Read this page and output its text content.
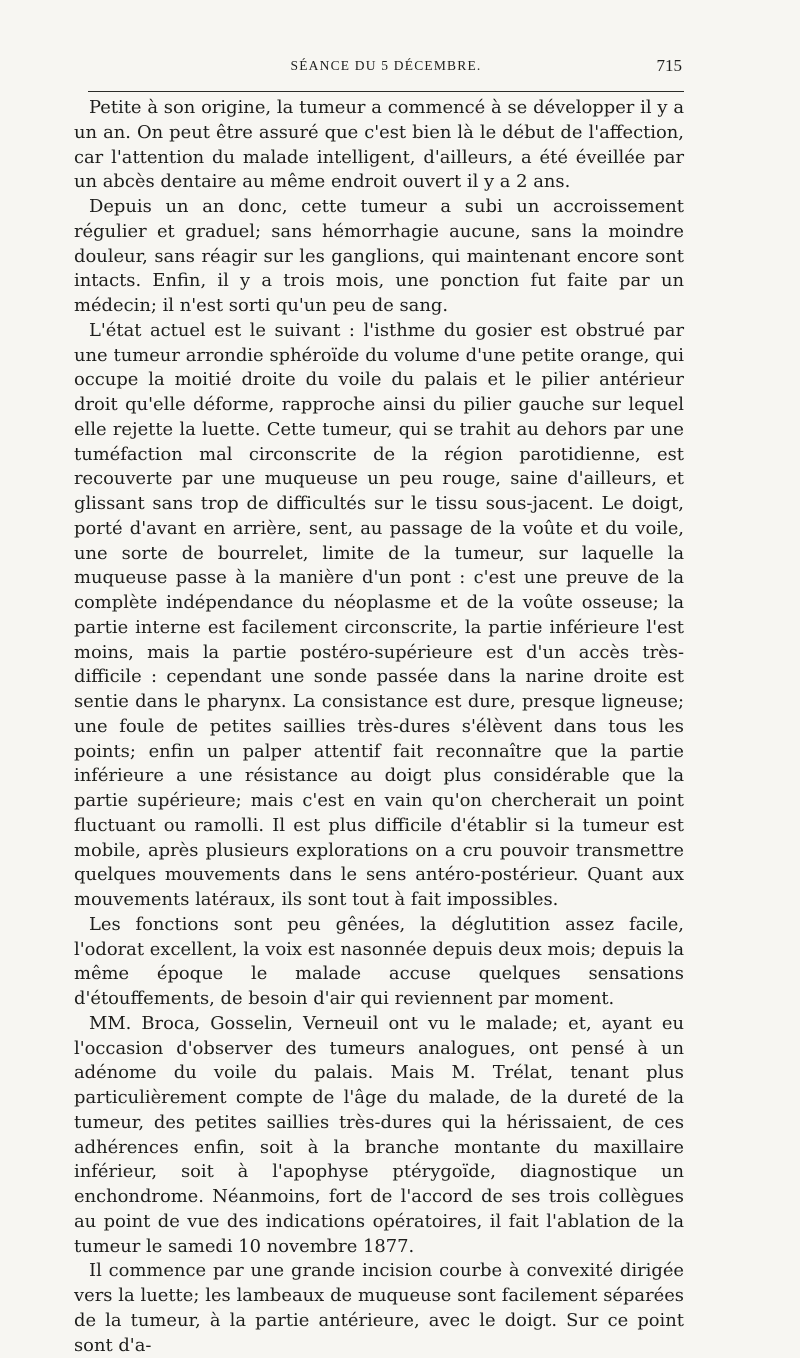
SÉANCE DU 5 DÉCEMBRE.	715

Petite à son origine, la tumeur a commencé à se développer il y a un an. On peut être assuré que c'est bien là le début de l'affection, car l'attention du malade intelligent, d'ailleurs, a été éveillée par un abcès dentaire au même endroit ouvert il y a 2 ans.

Depuis un an donc, cette tumeur a subi un accroissement régulier et graduel; sans hémorrhagie aucune, sans la moindre douleur, sans réagir sur les ganglions, qui maintenant encore sont intacts. Enfin, il y a trois mois, une ponction fut faite par un médecin; il n'est sorti qu'un peu de sang.

L'état actuel est le suivant : l'isthme du gosier est obstrué par une tumeur arrondie sphéroïde du volume d'une petite orange, qui occupe la moitié droite du voile du palais et le pilier antérieur droit qu'elle déforme, rapproche ainsi du pilier gauche sur lequel elle rejette la luette. Cette tumeur, qui se trahit au dehors par une tuméfaction mal circonscrite de la région parotidienne, est recouverte par une muqueuse un peu rouge, saine d'ailleurs, et glissant sans trop de difficultés sur le tissu sous-jacent. Le doigt, porté d'avant en arrière, sent, au passage de la voûte et du voile, une sorte de bourrelet, limite de la tumeur, sur laquelle la muqueuse passe à la manière d'un pont : c'est une preuve de la complète indépendance du néoplasme et de la voûte osseuse; la partie interne est facilement circonscrite, la partie inférieure l'est moins, mais la partie postéro-supérieure est d'un accès très-difficile : cependant une sonde passée dans la narine droite est sentie dans le pharynx. La consistance est dure, presque ligneuse; une foule de petites saillies très-dures s'élèvent dans tous les points; enfin un palper attentif fait reconnaître que la partie inférieure a une résistance au doigt plus considérable que la partie supérieure; mais c'est en vain qu'on chercherait un point fluctuant ou ramolli. Il est plus difficile d'établir si la tumeur est mobile, après plusieurs explorations on a cru pouvoir transmettre quelques mouvements dans le sens antéro-postérieur. Quant aux mouvements latéraux, ils sont tout à fait impossibles.

Les fonctions sont peu gênées, la déglutition assez facile, l'odorat excellent, la voix est nasonnée depuis deux mois; depuis la même époque le malade accuse quelques sensations d'étouffements, de besoin d'air qui reviennent par moment.

MM. Broca, Gosselin, Verneuil ont vu le malade; et, ayant eu l'occasion d'observer des tumeurs analogues, ont pensé à un adénome du voile du palais. Mais M. Trélat, tenant plus particulièrement compte de l'âge du malade, de la dureté de la tumeur, des petites saillies très-dures qui la hérissaient, de ces adhérences enfin, soit à la branche montante du maxillaire inférieur, soit à l'apophyse ptérygoïde, diagnostique un enchondrome. Néanmoins, fort de l'accord de ses trois collègues au point de vue des indications opératoires, il fait l'ablation de la tumeur le samedi 10 novembre 1877.

Il commence par une grande incision courbe à convexité dirigée vers la luette; les lambeaux de muqueuse sont facilement séparées de la tumeur, à la partie antérieure, avec le doigt. Sur ce point sont d'a-
